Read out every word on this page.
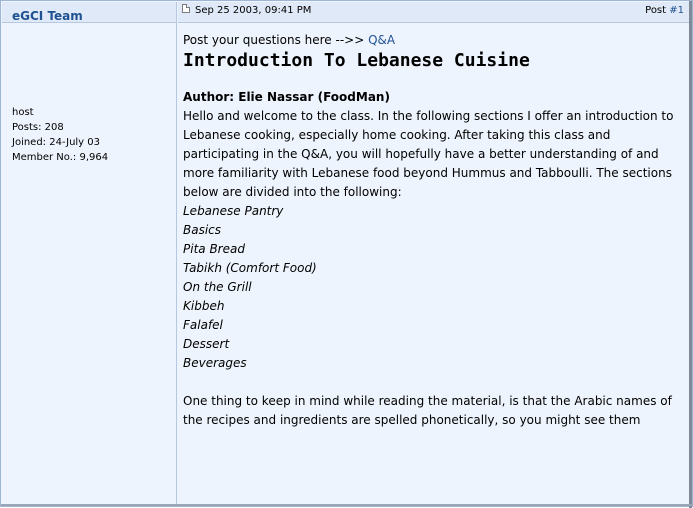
eGCI Team
host
Posts: 208
Joined: 24-July 03
Member No.: 9,964
Sep 25 2003, 09:41 PM	Post #1

Post your questions here -->> Q&A

Introduction To Lebanese Cuisine

Author: Elie Nassar (FoodMan)

Hello and welcome to the class. In the following sections I offer an introduction to Lebanese cooking, especially home cooking. After taking this class and participating in the Q&A, you will hopefully have a better understanding of and more familiarity with Lebanese food beyond Hummus and Tabboulli. The sections below are divided into the following:

Lebanese Pantry
Basics
Pita Bread
Tabikh (Comfort Food)
On the Grill
Kibbeh
Falafel
Dessert
Beverages

One thing to keep in mind while reading the material, is that the Arabic names of the recipes and ingredients are spelled phonetically, so you might see them
